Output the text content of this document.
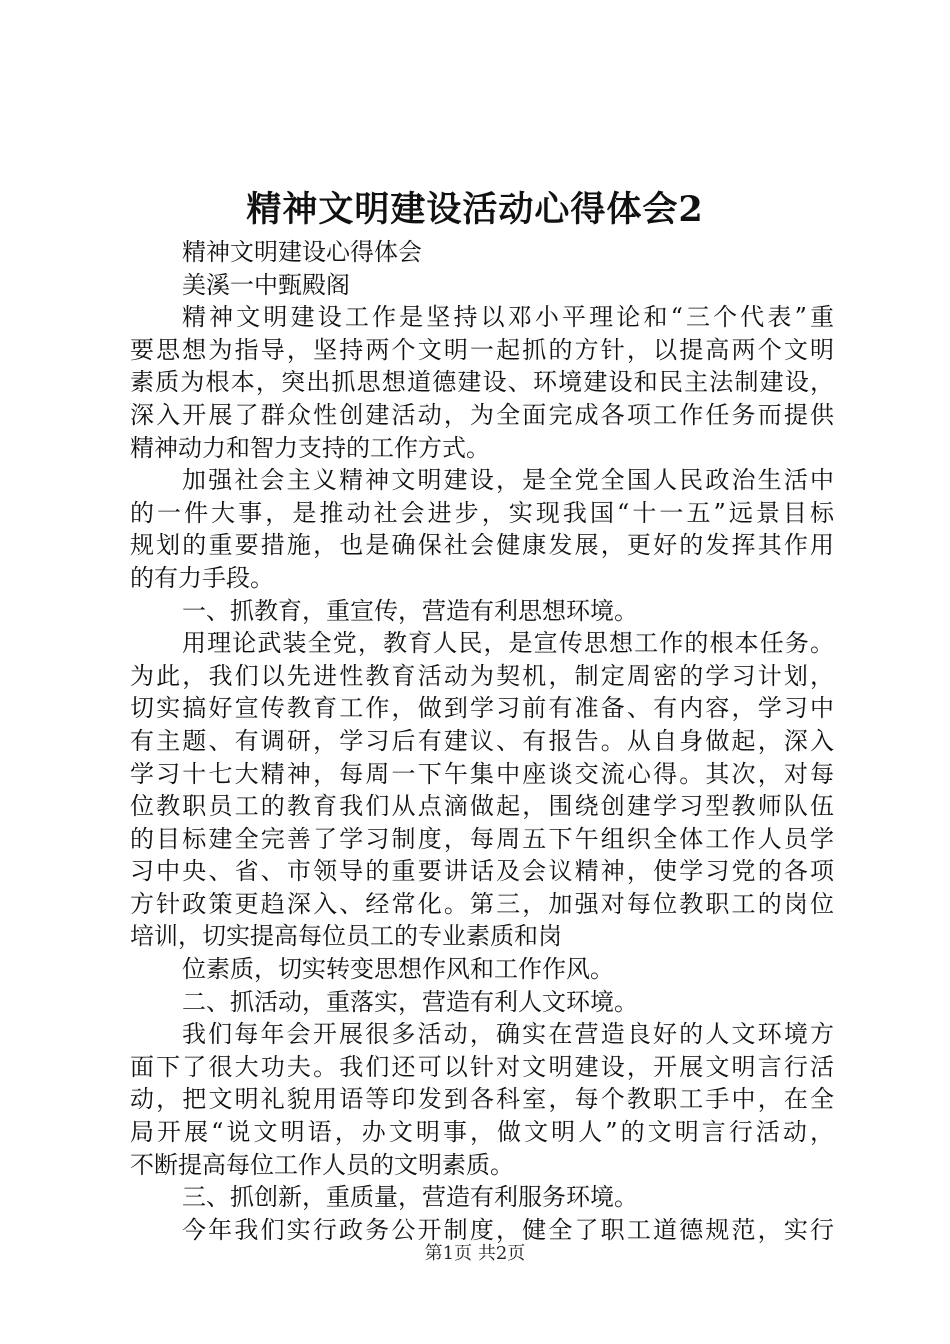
精神文明建设活动心得体会2
精神文明建设心得体会
美溪一中甄殿阁
精神文明建设工作是坚持以邓小平理论和“三个代表”重
要思想为指导，坚持两个文明一起抓的方针，以提高两个文明
素质为根本，突出抓思想道德建设、环境建设和民主法制建设，
深入开展了群众性创建活动，为全面完成各项工作任务而提供
精神动力和智力支持的工作方式。
加强社会主义精神文明建设，是全党全国人民政治生活中
的一件大事，是推动社会进步，实现我国“十一五”远景目标
规划的重要措施，也是确保社会健康发展，更好的发挥其作用
的有力手段。
一、抓教育，重宣传，营造有利思想环境。
用理论武装全党，教育人民，是宣传思想工作的根本任务。
为此，我们以先进性教育活动为契机，制定周密的学习计划，
切实搞好宣传教育工作，做到学习前有准备、有内容，学习中
有主题、有调研，学习后有建议、有报告。从自身做起，深入
学习十七大精神，每周一下午集中座谈交流心得。其次，对每
位教职员工的教育我们从点滴做起，围绕创建学习型教师队伍
的目标建全完善了学习制度，每周五下午组织全体工作人员学
习中央、省、市领导的重要讲话及会议精神，使学习党的各项
方针政策更趋深入、经常化。第三，加强对每位教职工的岗位
培训，切实提高每位员工的专业素质和岗
位素质，切实转变思想作风和工作作风。
二、抓活动，重落实，营造有利人文环境。
我们每年会开展很多活动，确实在营造良好的人文环境方
面下了很大功夫。我们还可以针对文明建设，开展文明言行活
动，把文明礼貌用语等印发到各科室，每个教职工手中，在全
局开展“说文明语，办文明事，做文明人”的文明言行活动，
不断提高每位工作人员的文明素质。
三、抓创新，重质量，营造有利服务环境。
今年我们实行政务公开制度，健全了职工道德规范，实行
第1页 共2页
